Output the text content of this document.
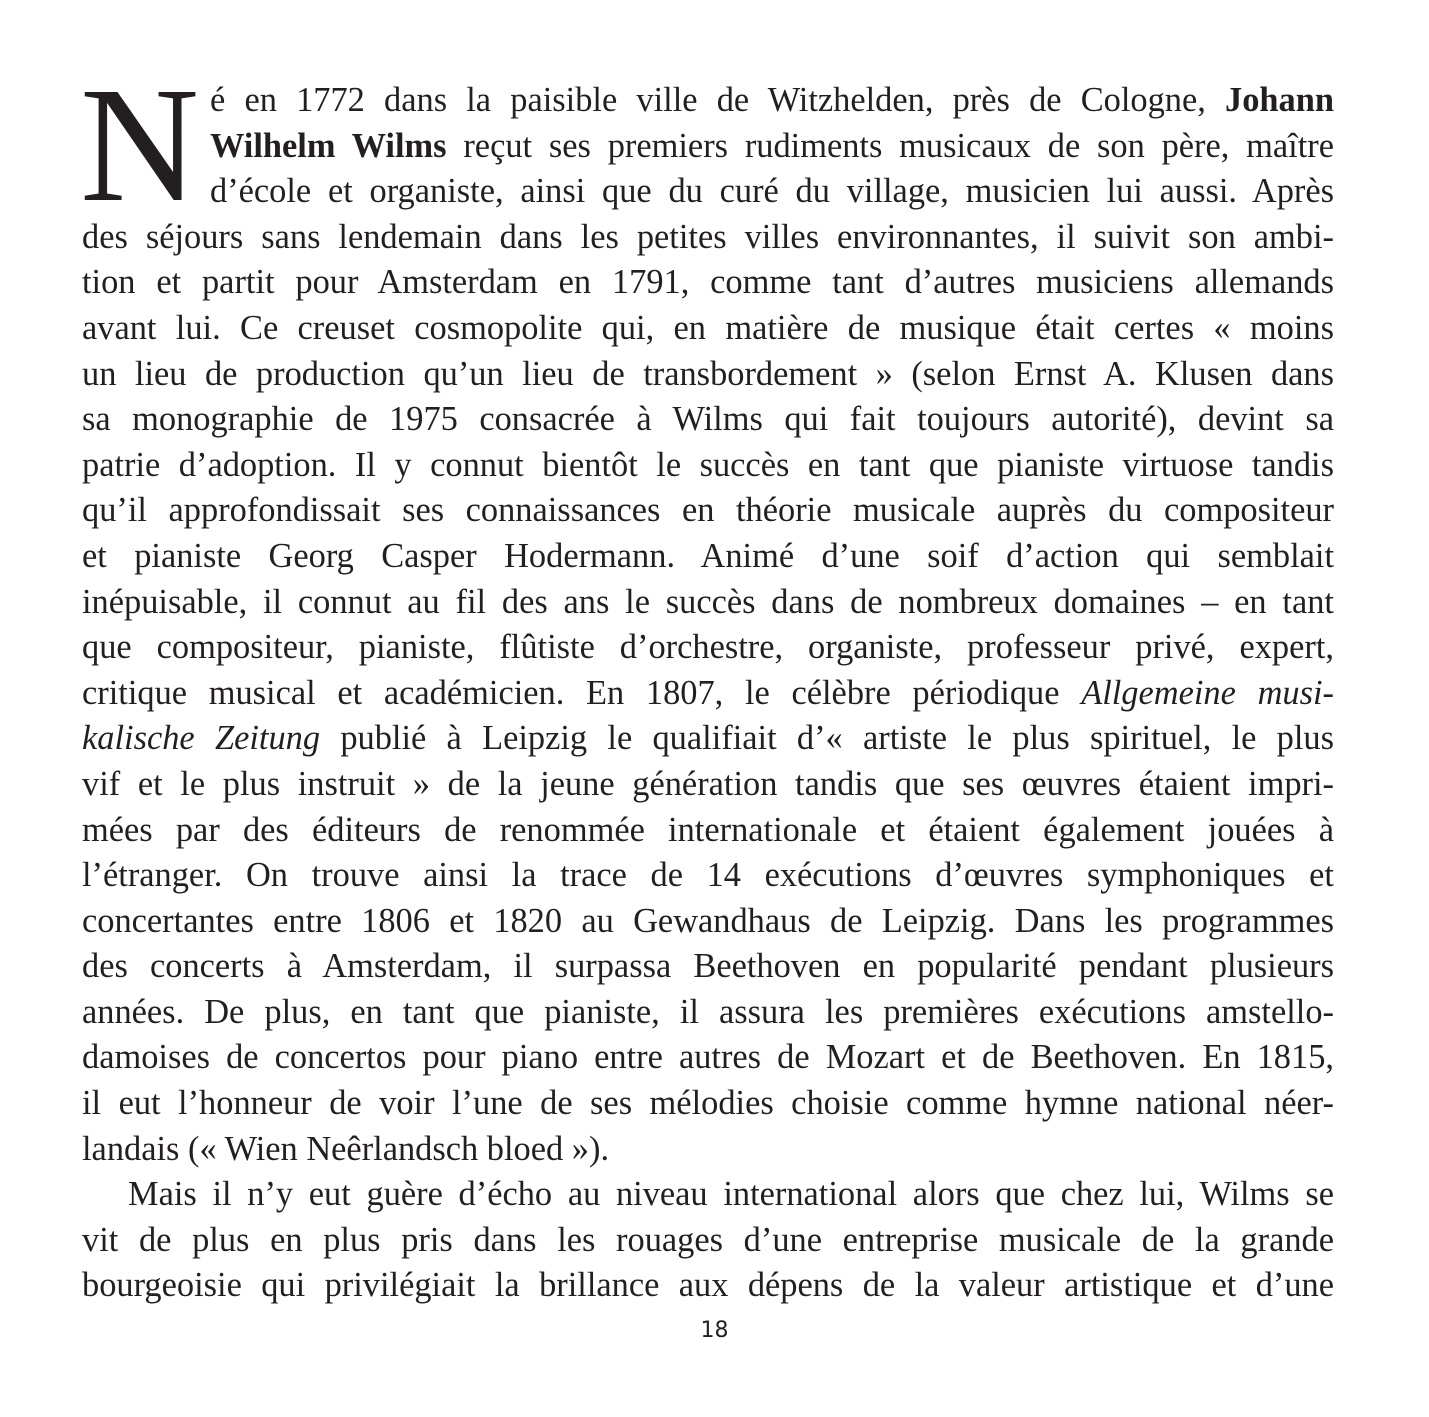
N é en 1772 dans la paisible ville de Witzhelden, près de Cologne, Johann
Wilhelm Wilms reçut ses premiers rudiments musicaux de son père, maître
d’école et organiste, ainsi que du curé du village, musicien lui aussi. Après
des séjours sans lendemain dans les petites villes environnantes, il suivit son ambi-
tion et partit pour Amsterdam en 1791, comme tant d’autres musiciens allemands
avant lui. Ce creuset cosmopolite qui, en matière de musique était certes « moins
un lieu de production qu’un lieu de transbordement » (selon Ernst A. Klusen dans
sa monographie de 1975 consacrée à Wilms qui fait toujours autorité), devint sa
patrie d’adoption. Il y connut bientôt le succès en tant que pianiste virtuose tandis
qu’il approfondissait ses connaissances en théorie musicale auprès du compositeur
et pianiste Georg Casper Hodermann. Animé d’une soif d’action qui semblait
inépuisable, il connut au fil des ans le succès dans de nombreux domaines – en tant
que compositeur, pianiste, flûtiste d’orchestre, organiste, professeur privé, expert,
critique musical et académicien. En 1807, le célèbre périodique Allgemeine musi-
kalische Zeitung publié à Leipzig le qualifiait d’« artiste le plus spirituel, le plus
vif et le plus instruit » de la jeune génération tandis que ses œuvres étaient impri-
mées par des éditeurs de renommée internationale et étaient également jouées à
l’étranger. On trouve ainsi la trace de 14 exécutions d’œuvres symphoniques et
concertantes entre 1806 et 1820 au Gewandhaus de Leipzig. Dans les programmes
des concerts à Amsterdam, il surpassa Beethoven en popularité pendant plusieurs
années. De plus, en tant que pianiste, il assura les premières exécutions amstello-
damoises de concertos pour piano entre autres de Mozart et de Beethoven. En 1815,
il eut l’honneur de voir l’une de ses mélodies choisie comme hymne national néer-
landais (« Wien Neêrlandsch bloed »).
Mais il n’y eut guère d’écho au niveau international alors que chez lui, Wilms se
vit de plus en plus pris dans les rouages d’une entreprise musicale de la grande
bourgeoisie qui privilégiait la brillance aux dépens de la valeur artistique et d’une
18
